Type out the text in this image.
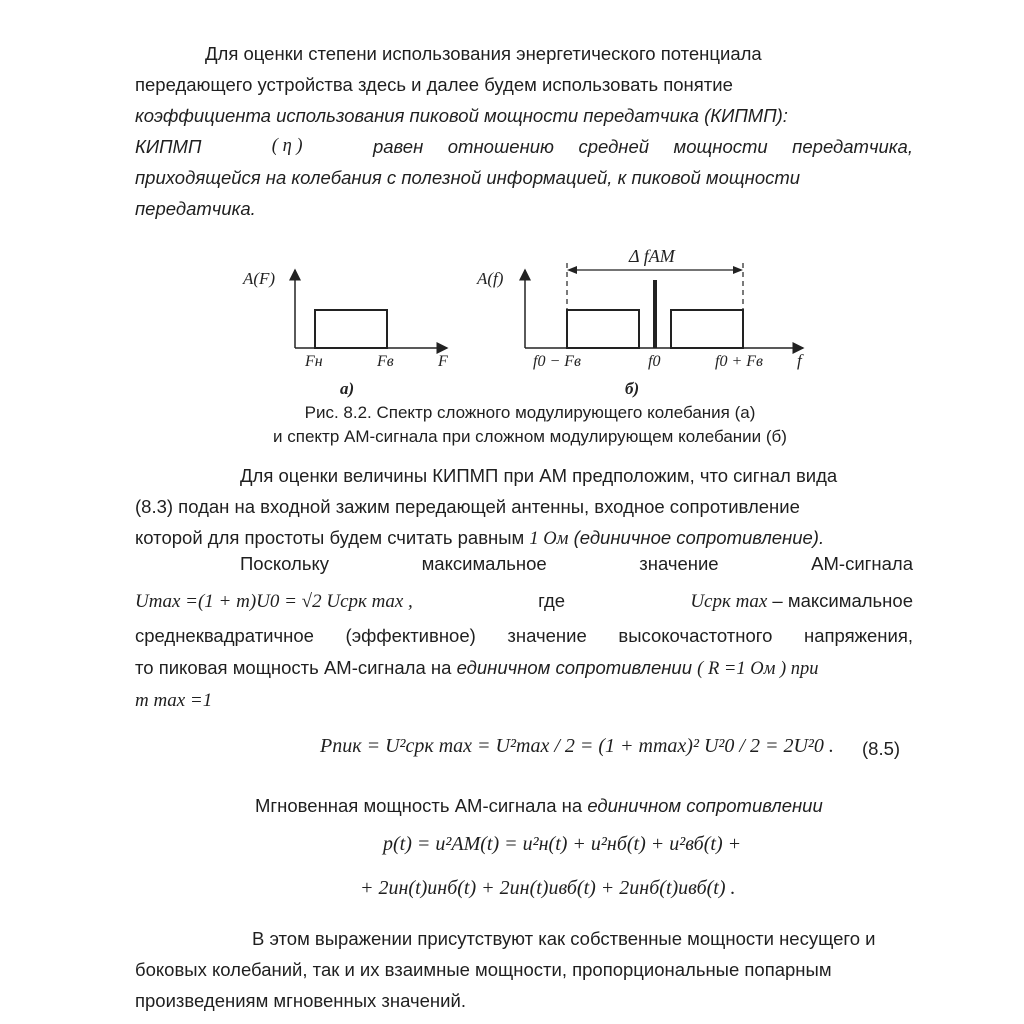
Для оценки степени использования энергетического потенциала
передающего устройства здесь и далее будем использовать понятие
коэффициента использования пиковой мощности передатчика (КИПМП):
КИПМП	( η )	равен отношению средней мощности передатчика,
приходящейся на колебания с полезной информацией, к пиковой мощности
передатчика.
A(F)
Fн	Fв	F
а)
Δ fAM
A(f)
f0 − Fв	f0	f0 + Fв f
б)

Рис. 8.2. Спектр сложного модулирующего колебания (а)

и спектр АМ-сигнала при сложном модулирующем колебании (б)

Для оценки величины КИПМП при АМ предположим, что сигнал вида
(8.3) подан на входной зажим передающей антенны, входное сопротивление
которой для простоты будем считать равным 1 Ом (единичное сопротивление).
Поскольку	максимальное	значение	АМ-сигнала
Umax =(1 + m)U0 = √2 Uсрк max ,	где	Uсрк max – максимальное
среднеквадратичное (эффективное) значение высокочастотного напряжения,
то пиковая мощность АМ-сигнала на единичном сопротивлении ( R =1 Ом ) при
m max =1
Pпик = U²срк max = U²max / 2 = (1 + mmax)² U²0 / 2 = 2U²0 . (8.5)
Мгновенная мощность АМ-сигнала на единичном сопротивлении
p(t) = u²AM(t) = u²н(t) + u²нб(t) + u²вб(t) +
+ 2uн(t)uнб(t) + 2uн(t)uвб(t) + 2uнб(t)uвб(t) .
В этом выражении присутствуют как собственные мощности несущего и
боковых колебаний, так и их взаимные мощности, пропорциональные попарным
произведениям мгновенных значений.
